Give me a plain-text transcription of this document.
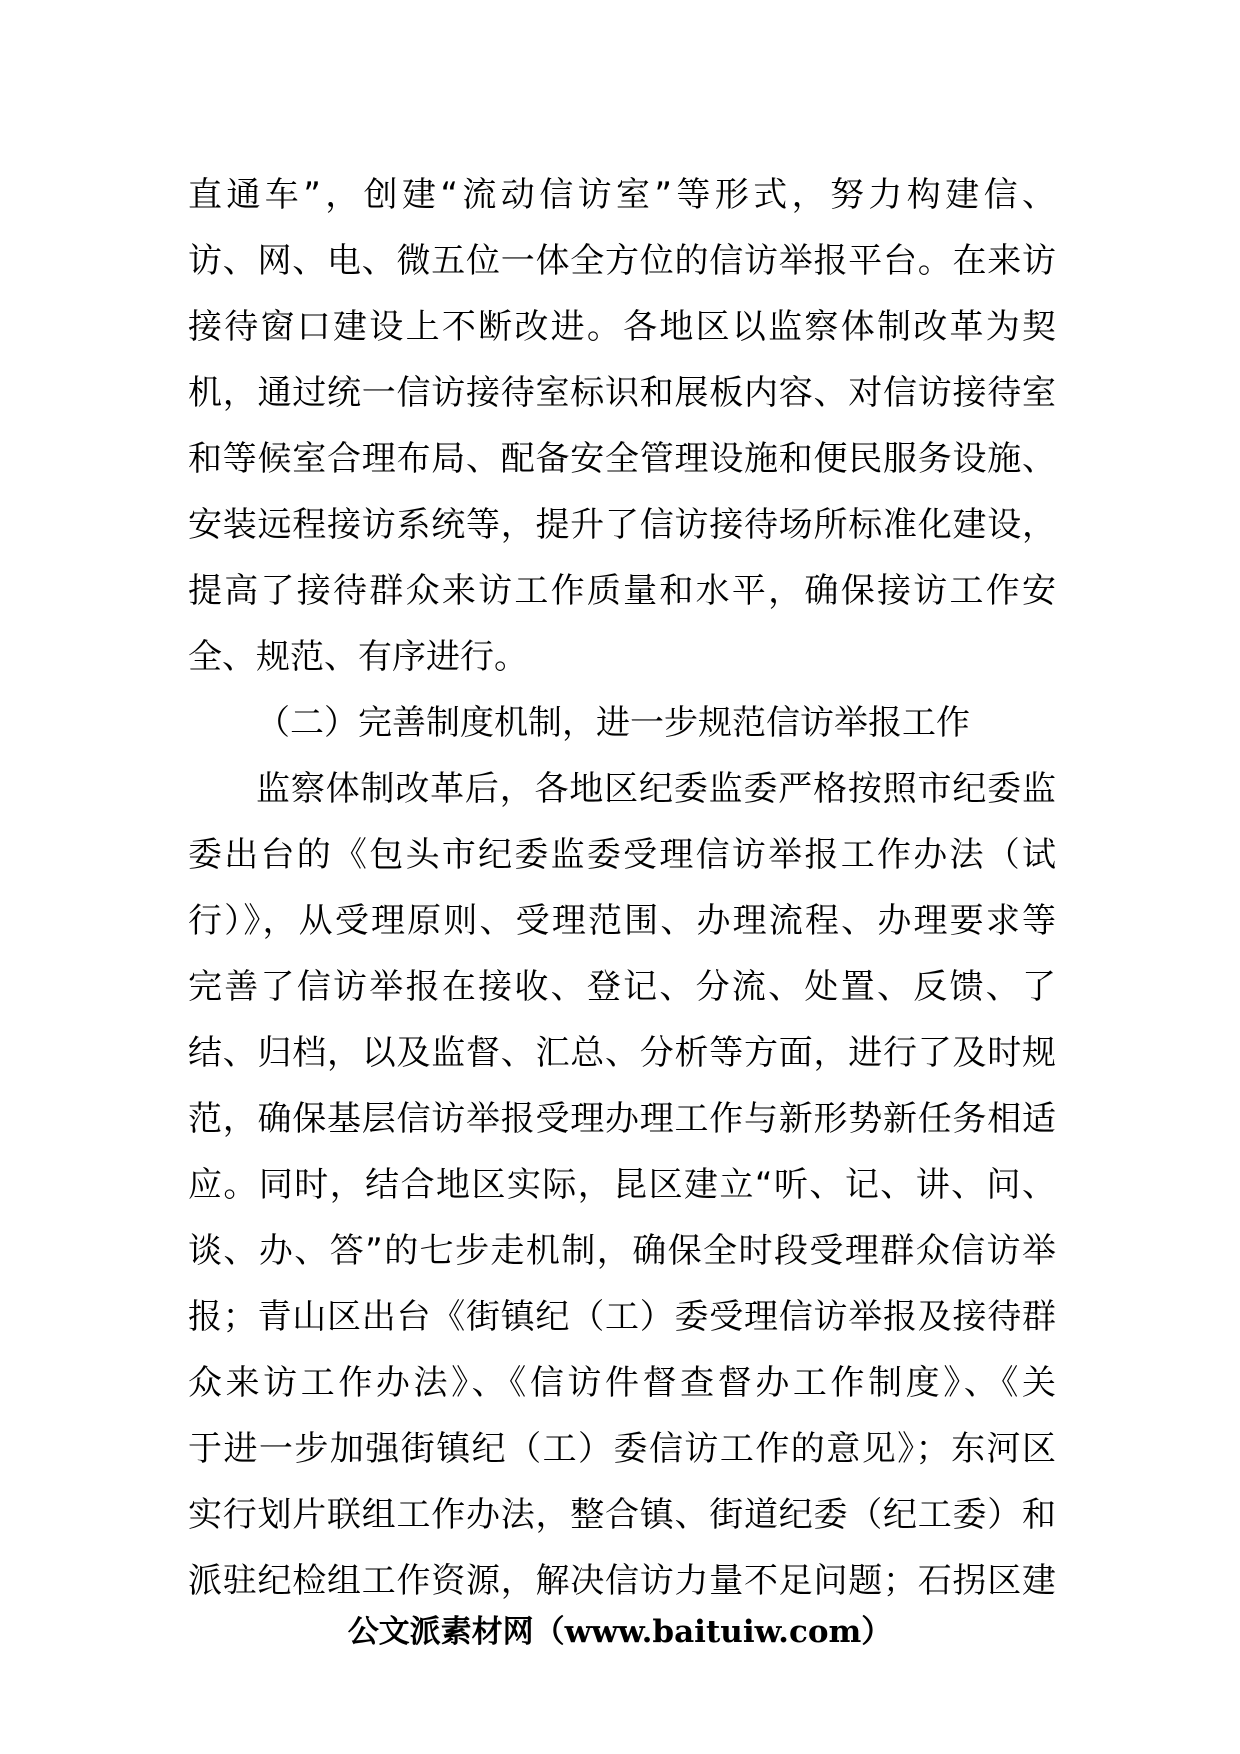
直通车”，创建“流动信访室”等形式，努力构建信、
访、网、电、微五位一体全方位的信访举报平台。在来访
接待窗口建设上不断改进。各地区以监察体制改革为契
机，通过统一信访接待室标识和展板内容、对信访接待室
和等候室合理布局、配备安全管理设施和便民服务设施、
安装远程接访系统等，提升了信访接待场所标准化建设，
提高了接待群众来访工作质量和水平，确保接访工作安
全、规范、有序进行。
（二）完善制度机制，进一步规范信访举报工作
监察体制改革后，各地区纪委监委严格按照市纪委监
委出台的《包头市纪委监委受理信访举报工作办法（试
行）》，从受理原则、受理范围、办理流程、办理要求等
完善了信访举报在接收、登记、分流、处置、反馈、了
结、归档，以及监督、汇总、分析等方面，进行了及时规
范，确保基层信访举报受理办理工作与新形势新任务相适
应。同时，结合地区实际，昆区建立“听、记、讲、问、
谈、办、答”的七步走机制，确保全时段受理群众信访举
报；青山区出台《街镇纪（工）委受理信访举报及接待群
众来访工作办法》、《信访件督查督办工作制度》、《关
于进一步加强街镇纪（工）委信访工作的意见》；东河区
实行划片联组工作办法，整合镇、街道纪委（纪工委）和
派驻纪检组工作资源，解决信访力量不足问题；石拐区建
公文派素材网（www.baituiw.com）
